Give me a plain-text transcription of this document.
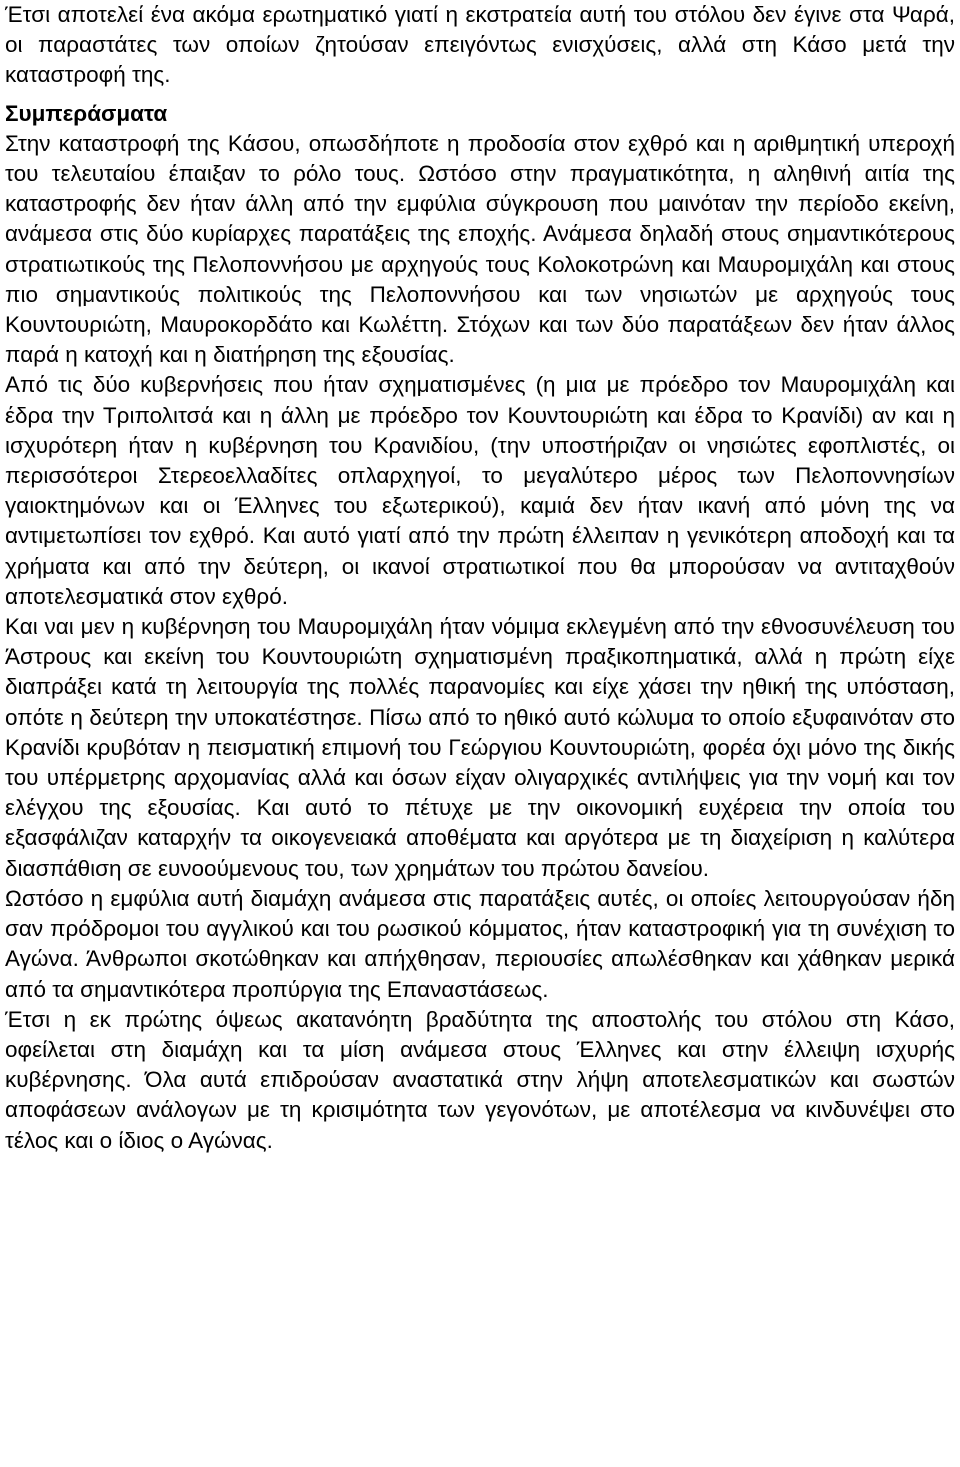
Έτσι αποτελεί ένα ακόμα ερωτηματικό γιατί η εκστρατεία αυτή του στόλου δεν έγινε στα Ψαρά, οι παραστάτες των οποίων ζητούσαν επειγόντως ενισχύσεις, αλλά στη Κάσο μετά την καταστροφή της.

Συμπεράσματα

Στην καταστροφή της Κάσου, οπωσδήποτε η προδοσία στον εχθρό και η αριθμητική υπεροχή του τελευταίου έπαιξαν το ρόλο τους. Ωστόσο στην πραγματικότητα, η αληθινή αιτία της καταστροφής δεν ήταν άλλη από την εμφύλια σύγκρουση που μαινόταν την περίοδο εκείνη, ανάμεσα στις δύο κυρίαρχες παρατάξεις της εποχής. Ανάμεσα δηλαδή στους σημαντικότερους στρατιωτικούς της Πελοποννήσου με αρχηγούς τους Κολοκοτρώνη και Μαυρομιχάλη και στους πιο σημαντικούς πολιτικούς της Πελοποννήσου και των νησιωτών με αρχηγούς τους Κουντουριώτη, Μαυροκορδάτο και Κωλέττη. Στόχων και των δύο παρατάξεων δεν ήταν άλλος παρά η κατοχή και η διατήρηση της εξουσίας.

Από τις δύο κυβερνήσεις που ήταν σχηματισμένες (η μια με πρόεδρο τον Μαυρομιχάλη και έδρα την Τριπολιτσά και η άλλη με πρόεδρο τον Κουντουριώτη και έδρα το Κρανίδι) αν και η ισχυρότερη ήταν η κυβέρνηση του Κρανιδίου, (την υποστήριζαν οι νησιώτες εφοπλιστές, οι περισσότεροι Στερεοελλαδίτες οπλαρχηγοί, το μεγαλύτερο μέρος των Πελοποννησίων γαιοκτημόνων και οι Έλληνες του εξωτερικού), καμιά δεν ήταν ικανή από μόνη της να αντιμετωπίσει τον εχθρό. Και αυτό γιατί από την πρώτη έλλειπαν η γενικότερη αποδοχή και τα χρήματα και από την δεύτερη, οι ικανοί στρατιωτικοί που θα μπορούσαν να αντιταχθούν αποτελεσματικά στον εχθρό.

Και ναι μεν η κυβέρνηση του Μαυρομιχάλη ήταν νόμιμα εκλεγμένη από την εθνοσυνέλευση του Άστρους και εκείνη του Κουντουριώτη σχηματισμένη πραξικοπηματικά, αλλά η πρώτη είχε διαπράξει κατά τη λειτουργία της πολλές παρανομίες και είχε χάσει την ηθική της υπόσταση, οπότε η δεύτερη την υποκατέστησε. Πίσω από το ηθικό αυτό κώλυμα το οποίο εξυφαινόταν στο Κρανίδι κρυβόταν η πεισματική επιμονή του Γεώργιου Κουντουριώτη, φορέα όχι μόνο της δικής του υπέρμετρης αρχομανίας αλλά και όσων είχαν ολιγαρχικές αντιλήψεις για την νομή και τον ελέγχου της εξουσίας. Και αυτό το πέτυχε με την οικονομική ευχέρεια την οποία του εξασφάλιζαν καταρχήν τα οικογενειακά αποθέματα και αργότερα με τη διαχείριση η καλύτερα διασπάθιση σε ευνοούμενους του, των χρημάτων του πρώτου δανείου.

Ωστόσο η εμφύλια αυτή διαμάχη ανάμεσα στις παρατάξεις αυτές, οι οποίες λειτουργούσαν ήδη σαν πρόδρομοι του αγγλικού και του ρωσικού κόμματος, ήταν καταστροφική για τη συνέχιση το Αγώνα. Άνθρωποι σκοτώθηκαν και απήχθησαν, περιουσίες απωλέσθηκαν και χάθηκαν μερικά από τα σημαντικότερα προπύργια της Επαναστάσεως.

Έτσι η εκ πρώτης όψεως ακατανόητη βραδύτητα της αποστολής του στόλου στη Κάσο, οφείλεται στη διαμάχη και τα μίση ανάμεσα στους Έλληνες και στην έλλειψη ισχυρής κυβέρνησης. Όλα αυτά επιδρούσαν αναστατικά στην λήψη αποτελεσματικών και σωστών αποφάσεων ανάλογων με τη κρισιμότητα των γεγονότων, με αποτέλεσμα να κινδυνέψει στο τέλος και ο ίδιος ο Αγώνας.
